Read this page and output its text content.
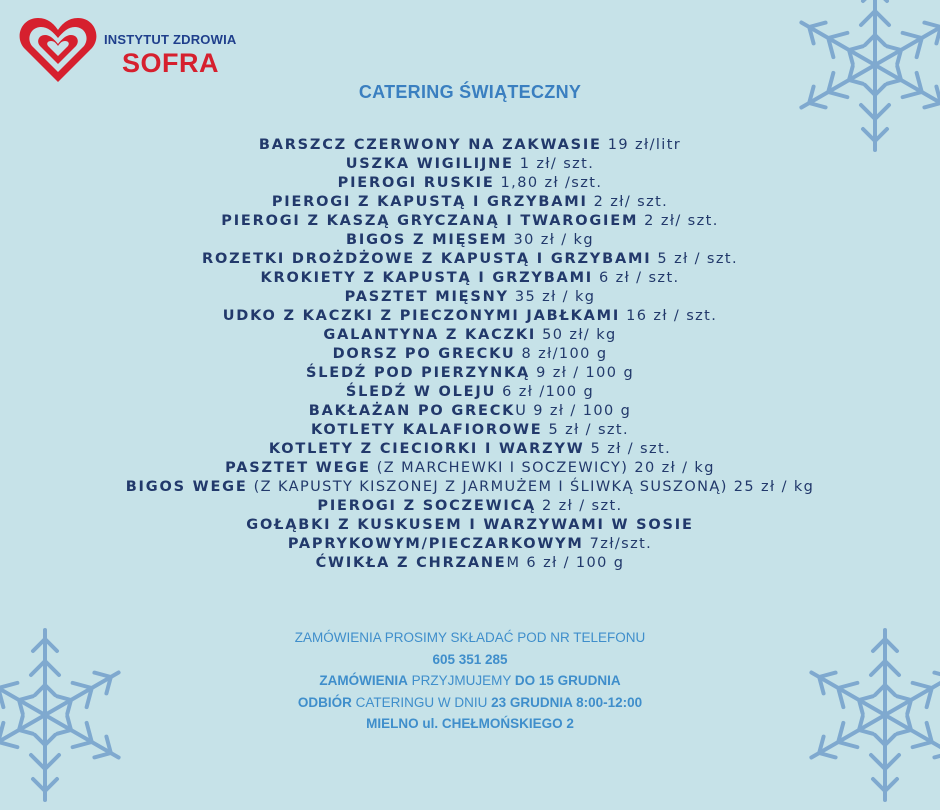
INSTYTUT ZDROWIA
SOFRA
CATERING ŚWIĄTECZNY
BARSZCZ CZERWONY NA ZAKWASIE 19 zł/litr
USZKA WIGILIJNE 1 zł/ szt.
PIEROGI RUSKIE 1,80 zł /szt.
PIEROGI Z KAPUSTĄ I GRZYBAMI 2 zł/ szt.
PIEROGI Z KASZĄ GRYCZANĄ I TWAROGIEM 2 zł/ szt.
BIGOS Z MIĘSEM 30 zł / kg
ROZETKI DROŻDŻOWE Z KAPUSTĄ I GRZYBAMI 5 zł / szt.
KROKIETY Z KAPUSTĄ I GRZYBAMI 6 zł / szt.
PASZTET MIĘSNY 35 zł / kg
UDKO Z KACZKI Z PIECZONYMI JABŁKAMI 16 zł / szt.
GALANTYNA Z KACZKI 50 zł/ kg
DORSZ PO GRECKU 8 zł/100 g
ŚLEDŹ POD PIERZYNKĄ 9 zł / 100 g
ŚLEDŹ W OLEJU 6 zł /100 g
BAKŁAŻAN PO GRECKU 9 zł / 100 g
KOTLETY KALAFIOROWE 5 zł / szt.
KOTLETY Z CIECIORKI I WARZYW 5 zł / szt.
PASZTET WEGE (Z MARCHEWKI I SOCZEWICY) 20 zł / kg
BIGOS WEGE (Z KAPUSTY KISZONEJ Z JARMUŻEM I ŚLIWKĄ SUSZONĄ) 25 zł / kg
PIEROGI Z SOCZEWICĄ 2 zł / szt.
GOŁĄBKI Z KUSKUSEM I WARZYWAMI W SOSIE PAPRYKOWYM/PIECZARKOWYM 7zł/szt.
ĆWIKŁA Z CHRZANEM 6 zł / 100 g
ZAMÓWIENIA PROSIMY SKŁADAĆ POD NR TELEFONU
605 351 285
ZAMÓWIENIA PRZYJMUJEMY DO 15 GRUDNIA
ODBIÓR CATERINGU W DNIU 23 GRUDNIA 8:00-12:00
MIELNO ul. CHEŁMOŃSKIEGO 2
